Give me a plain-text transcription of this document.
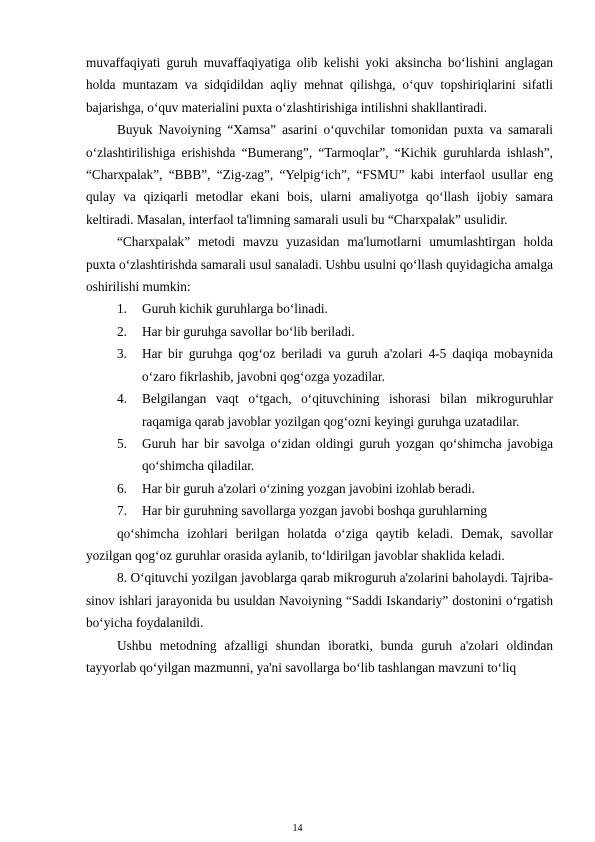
muvaffaqiyati guruh muvaffaqiyatiga olib kelishi yoki aksincha bo‘lishini anglagan holda muntazam va sidqidildan aqliy mehnat qilishga, o‘quv topshiriqlarini sifatli bajarishga, o‘quv materialini puxta o‘zlashtirishiga intilishni shakllantiradi.

Buyuk Navoiyning “Xamsa” asarini o‘quvchilar tomonidan puxta va samarali o‘zlashtirilishiga erishishda “Bumerang”, “Tarmoqlar”, “Kichik guruhlarda ishlash”, “Charxpalak”, “BBB”, “Zig-zag”, “Yelpig‘ich”, “FSMU” kabi interfaol usullar eng qulay va qiziqarli metodlar ekani bois, ularni amaliyotga qo‘llash ijobiy samara keltiradi. Masalan, interfaol ta'limning samarali usuli bu “Charxpalak” usulidir.

“Charxpalak” metodi mavzu yuzasidan ma'lumotlarni umumlashtirgan holda puxta o‘zlashtirishda samarali usul sanaladi. Ushbu usulni qo‘llash quyidagicha amalga oshirilishi mumkin:

1.	Guruh kichik guruhlarga bo‘linadi.
2.	Har bir guruhga savollar bo‘lib beriladi.
3.	Har bir guruhga qog‘oz beriladi va guruh a'zolari 4-5 daqiqa mobaynida o‘zaro fikrlashib, javobni qog‘ozga yozadilar.
4.	Belgilangan vaqt o‘tgach, o‘qituvchining ishorasi bilan mikroguruhlar raqamiga qarab javoblar yozilgan qog‘ozni keyingi guruhga uzatadilar.
5.	Guruh har bir savolga o‘zidan oldingi guruh yozgan qo‘shimcha javobiga qo‘shimcha qiladilar.
6.	Har bir guruh a'zolari o‘zining yozgan javobini izohlab beradi.
7.	Har bir guruhning savollarga yozgan javobi boshqa guruhlarning

qo‘shimcha izohlari berilgan holatda o‘ziga qaytib keladi. Demak, savollar yozilgan qog‘oz guruhlar orasida aylanib, to‘ldirilgan javoblar shaklida keladi.

8. O‘qituvchi yozilgan javoblarga qarab mikroguruh a'zolarini baholaydi. Tajriba-sinov ishlari jarayonida bu usuldan Navoiyning “Saddi Iskandariy” dostonini o‘rgatish bo‘yicha foydalanildi.

Ushbu metodning afzalligi shundan iboratki, bunda guruh a'zolari oldindan tayyorlab qo‘yilgan mazmunni, ya'ni savollarga bo‘lib tashlangan mavzuni to‘liq

14
